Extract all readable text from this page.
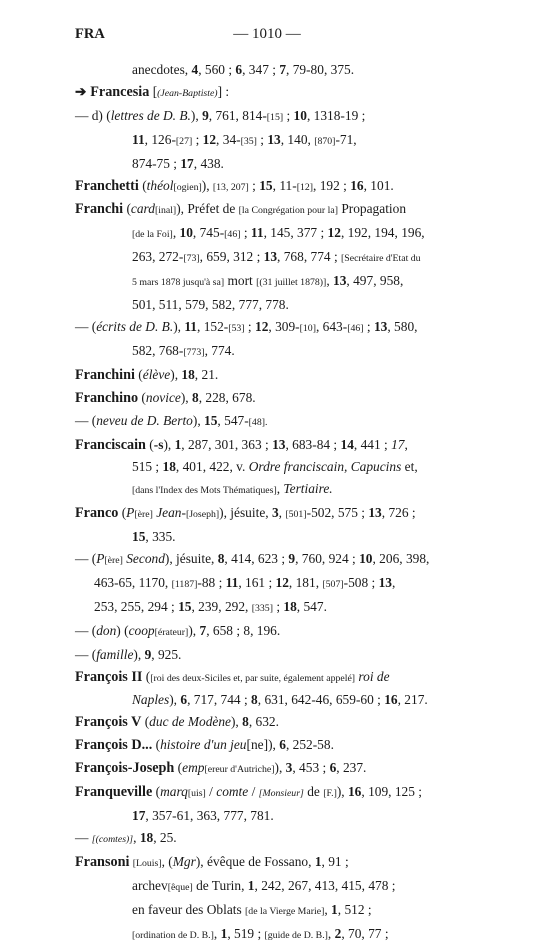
FRA	— 1010 —
anecdotes, 4, 560 ; 6, 347 ; 7, 79-80, 375.
➔ Francesia [(Jean-Baptiste)] :
— d) (lettres de D. B.), 9, 761, 814-[15] ; 10, 1318-19 ;
11, 126-[27] ; 12, 34-[35] ; 13, 140, [870]-71,
874-75 ; 17, 438.
Franchetti (théol[ogien]), [13, 207] ; 15, 11-[12], 192 ; 16, 101.
Franchi (card[inal]), Préfet de [la Congrégation pour la] Propagation
[de la Foi], 10, 745-[46] ; 11, 145, 377 ; 12, 192, 194, 196,
263, 272-[73], 659, 312 ; 13, 768, 774 ; [Secrétaire d'Etat du
5 mars 1878 jusqu'à sa] mort [(31 juillet 1878)], 13, 497, 958,
501, 511, 579, 582, 777, 778.
— (écrits de D. B.), 11, 152-[53] ; 12, 309-[10], 643-[46] ; 13, 580,
582, 768-[773], 774.
Franchini (élève), 18, 21.
Franchino (novice), 8, 228, 678.
— (neveu de D. Berto), 15, 547-[48].
Franciscain (-s), 1, 287, 301, 363 ; 13, 683-84 ; 14, 441 ; 17,
515 ; 18, 401, 422, v. Ordre franciscain, Capucins et,
[dans l'Index des Mots Thématiques], Tertiaire.
Franco (P[ère] Jean-[Joseph]), jésuite, 3, [501]-502, 575 ; 13, 726 ;
15, 335.
— (P[ère] Second), jésuite, 8, 414, 623 ; 9, 760, 924 ; 10, 206, 398,
463-65, 1170, [1187]-88 ; 11, 161 ; 12, 181, [507]-508 ; 13,
253, 255, 294 ; 15, 239, 292, [335] ; 18, 547.
— (don) (coop[érateur]), 7, 658 ; 8, 196.
— (famille), 9, 925.
François II ([roi des deux-Siciles et, par suite, également appelé] roi de
Naples), 6, 717, 744 ; 8, 631, 642-46, 659-60 ; 16, 217.
François V (duc de Modène), 8, 632.
François D... (histoire d'un jeu[ne]), 6, 252-58.
François-Joseph (emp[ereur d'Autriche]), 3, 453 ; 6, 237.
Franqueville (marq[uis] / comte / [Monsieur] de [F.]), 16, 109, 125 ;
17, 357-61, 363, 777, 781.
— [(comtes)], 18, 25.
Fransoni [Louis], (Mgr), évêque de Fossano, 1, 91 ;
archev[êque] de Turin, 1, 242, 267, 413, 415, 478 ;
en faveur des Oblats [de la Vierge Marie], 1, 512 ;
[ordination de D. B.], 1, 519 ; [guide de D. B.], 2, 70, 77 ;
